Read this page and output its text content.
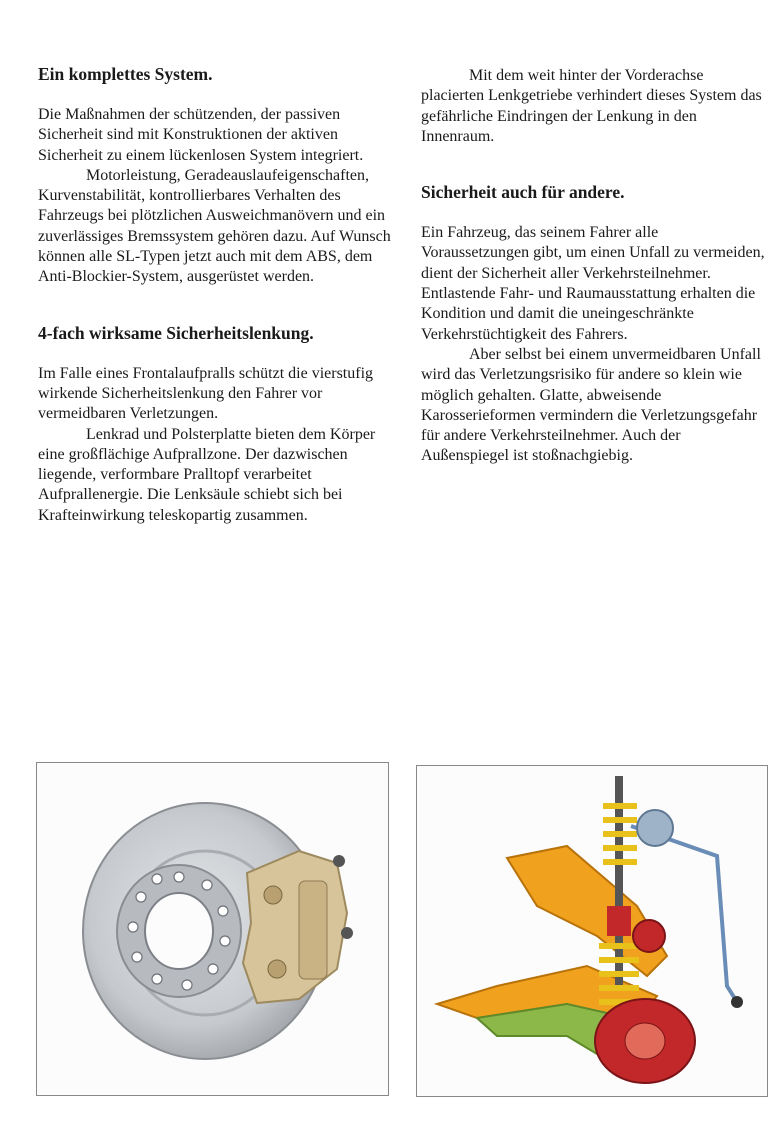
Ein komplettes System.

Die Maßnahmen der schützenden, der passiven Sicherheit sind mit Konstruktionen der aktiven Sicherheit zu einem lückenlosen System integriert.

Motorleistung, Geradeauslaufeigenschaften, Kurvenstabilität, kontrollierbares Verhalten des Fahrzeugs bei plötzlichen Ausweichmanövern und ein zuverlässiges Bremssystem gehören dazu. Auf Wunsch können alle SL-Typen jetzt auch mit dem ABS, dem Anti-Blockier-System, ausgerüstet werden.

4-fach wirksame Sicherheitslenkung.

Im Falle eines Frontalaufpralls schützt die vierstufig wirkende Sicherheitslenkung den Fahrer vor vermeidbaren Verletzungen.

Lenkrad und Polsterplatte bieten dem Körper eine großflächige Aufprallzone. Der dazwischen liegende, verformbare Pralltopf verarbeitet Aufprallenergie. Die Lenksäule schiebt sich bei Krafteinwirkung teleskopartig zusammen.

Mit dem weit hinter der Vorderachse placierten Lenkgetriebe verhindert dieses System das gefährliche Eindringen der Lenkung in den Innenraum.

Sicherheit auch für andere.

Ein Fahrzeug, das seinem Fahrer alle Voraussetzungen gibt, um einen Unfall zu vermeiden, dient der Sicherheit aller Verkehrsteilnehmer. Entlastende Fahr- und Raumausstattung erhalten die Kondition und damit die uneingeschränkte Verkehrstüchtigkeit des Fahrers.

Aber selbst bei einem unvermeidbaren Unfall wird das Verletzungsrisiko für andere so klein wie möglich gehalten. Glatte, abweisende Karosserieformen vermindern die Verletzungsgefahr für andere Verkehrsteilnehmer. Auch der Außenspiegel ist stoßnachgiebig.
